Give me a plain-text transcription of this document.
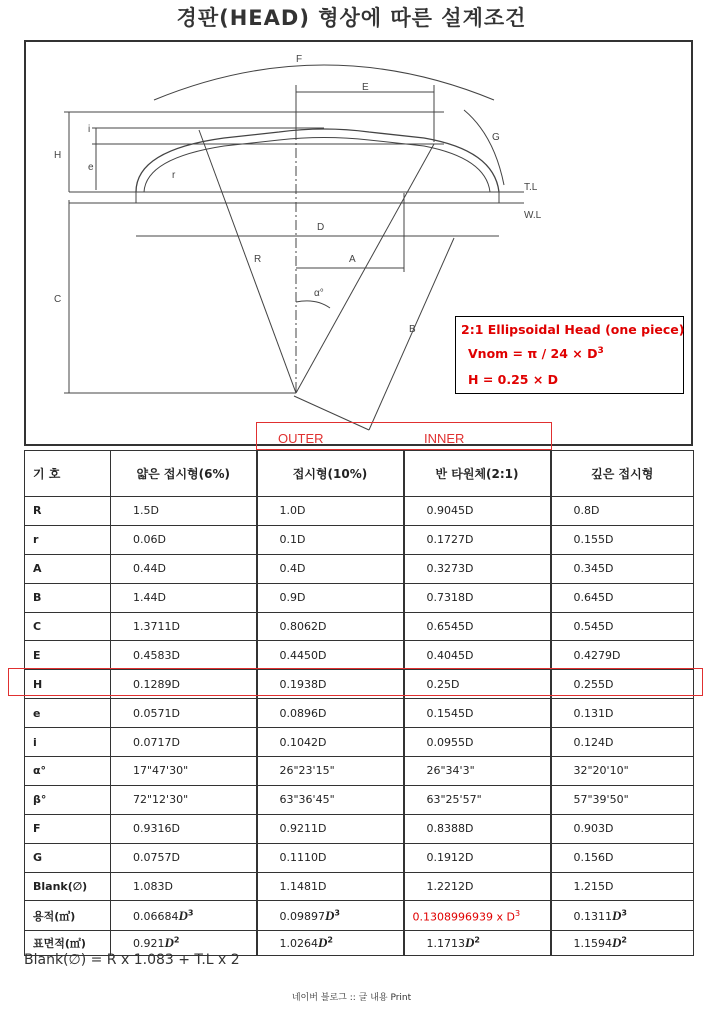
경판(HEAD) 형상에 따른 설계조건
F
E
G
H
i
e
r
T.L
W.L
D
R	A
α°
B
C
2:1 Ellipsoidal Head (one piece)
Vnom = $\pi / 24 \times D^3$
H = 0.25 × D
OUTER	INNER
기 호	얇은 접시형(6%)	접시형(10%)	반 타원체(2:1)	깊은 접시형
R	1.5D	1.0D	0.9045D	0.8D
r	0.06D	0.1D	0.1727D	0.155D
A	0.44D	0.4D	0.3273D	0.345D
B	1.44D	0.9D	0.7318D	0.645D
C	1.3711D	0.8062D	0.6545D	0.545D
E	0.4583D	0.4450D	0.4045D	0.4279D
H	0.1289D	0.1938D	0.25D	0.255D
e	0.0571D	0.0896D	0.1545D	0.131D
i	0.0717D	0.1042D	0.0955D	0.124D
α°	17"47'30"	26"23'15"	26"34'3"	32"20'10"
β°	72"12'30"	63"36'45"	63"25'57"	57"39'50"
F	0.9316D	0.9211D	0.8388D	0.903D
G	0.0757D	0.1110D	0.1912D	0.156D
Blank(∅)	1.083D	1.1481D	1.2212D	1.215D
용적(㎥)	$0.06684D^3$	$0.09897D^3$	0.1308996939 x $D^3$	$0.1311D^3$
표면적(㎡)	$0.921D^2$	$1.0264D^2$	$1.1713D^2$	$1.1594D^2$
Blank(∅) = R x 1.083 + T.L x 2
네이버 블로그 :: 글 내용 Print
